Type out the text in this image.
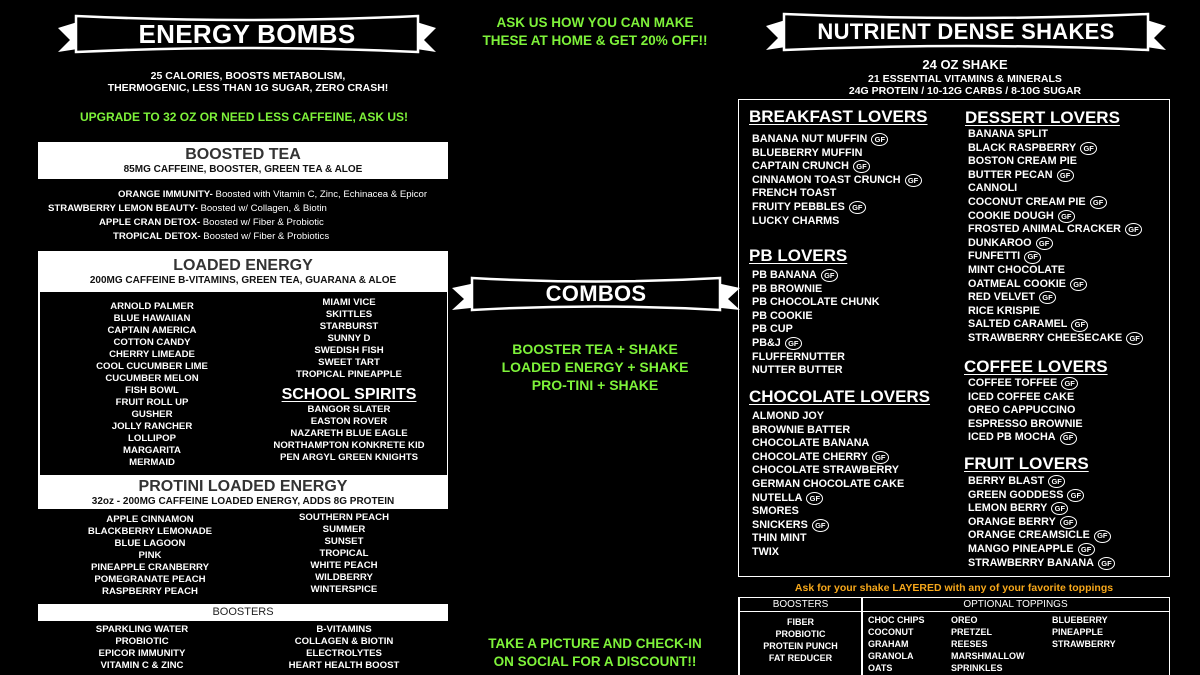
ENERGY BOMBS
25 CALORIES, BOOSTS METABOLISM,
THERMOGENIC, LESS THAN 1G SUGAR, ZERO CRASH!
UPGRADE TO 32 OZ OR NEED LESS CAFFEINE, ASK US!
BOOSTED TEA
85MG CAFFEINE, BOOSTER, GREEN TEA & ALOE
ORANGE IMMUNITY- Boosted with Vitamin C, Zinc, Echinacea & Epicor
STRAWBERRY LEMON BEAUTY- Boosted w/ Collagen, & Biotin
APPLE CRAN DETOX- Boosted w/ Fiber & Probiotic
TROPICAL DETOX- Boosted w/ Fiber & Probiotics
LOADED ENERGY
200MG CAFFEINE B-VITAMINS, GREEN TEA, GUARANA & ALOE
ARNOLD PALMER
BLUE HAWAIIAN
CAPTAIN AMERICA
COTTON CANDY
CHERRY LIMEADE
COOL CUCUMBER LIME
CUCUMBER MELON
FISH BOWL
FRUIT ROLL UP
GUSHER
JOLLY RANCHER
LOLLIPOP
MARGARITA
MERMAID
MIAMI VICE
SKITTLES
STARBURST
SUNNY D
SWEDISH FISH
SWEET TART
TROPICAL PINEAPPLE
SCHOOL SPIRITS
BANGOR SLATER
EASTON ROVER
NAZARETH BLUE EAGLE
NORTHAMPTON KONKRETE KID
PEN ARGYL GREEN KNIGHTS
PROTINI LOADED ENERGY
32oz - 200MG CAFFEINE LOADED ENERGY, ADDS 8G PROTEIN
APPLE CINNAMON
BLACKBERRY LEMONADE
BLUE LAGOON
PINK
PINEAPPLE CRANBERRY
POMEGRANATE PEACH
RASPBERRY PEACH
SOUTHERN PEACH
SUMMER
SUNSET
TROPICAL
WHITE PEACH
WILDBERRY
WINTERSPICE
BOOSTERS
SPARKLING WATER
PROBIOTIC
EPICOR IMMUNITY
VITAMIN C & ZINC
B-VITAMINS
COLLAGEN & BIOTIN
ELECTROLYTES
HEART HEALTH BOOST
ASK US HOW YOU CAN MAKE
THESE AT HOME & GET 20% OFF!!
COMBOS
BOOSTER TEA + SHAKE
LOADED ENERGY + SHAKE
PRO-TINI + SHAKE
TAKE A PICTURE AND CHECK-IN
ON SOCIAL FOR A DISCOUNT!!
NUTRIENT DENSE SHAKES
24 OZ SHAKE
21 ESSENTIAL VITAMINS & MINERALS
24G PROTEIN / 10-12G CARBS / 8-10G SUGAR
BREAKFAST LOVERS
BANANA NUT MUFFIN GF
BLUEBERRY MUFFIN
CAPTAIN CRUNCH GF
CINNAMON TOAST CRUNCH GF
FRENCH TOAST
FRUITY PEBBLES GF
LUCKY CHARMS
PB LOVERS
PB BANANA GF
PB BROWNIE
PB CHOCOLATE CHUNK
PB COOKIE
PB CUP
PB&J GF
FLUFFERNUTTER
NUTTER BUTTER
CHOCOLATE LOVERS
ALMOND JOY
BROWNIE BATTER
CHOCOLATE BANANA
CHOCOLATE CHERRY GF
CHOCOLATE STRAWBERRY
GERMAN CHOCOLATE CAKE
NUTELLA GF
SMORES
SNICKERS GF
THIN MINT
TWIX
DESSERT LOVERS
BANANA SPLIT
BLACK RASPBERRY GF
BOSTON CREAM PIE
BUTTER PECAN GF
CANNOLI
COCONUT CREAM PIE GF
COOKIE DOUGH GF
FROSTED ANIMAL CRACKER GF
DUNKAROO GF
FUNFETTI GF
MINT CHOCOLATE
OATMEAL COOKIE GF
RED VELVET GF
RICE KRISPIE
SALTED CARAMEL GF
STRAWBERRY CHEESECAKE GF
COFFEE LOVERS
COFFEE TOFFEE GF
ICED COFFEE CAKE
OREO CAPPUCCINO
ESPRESSO BROWNIE
ICED PB MOCHA GF
FRUIT LOVERS
BERRY BLAST GF
GREEN GODDESS GF
LEMON BERRY GF
ORANGE BERRY GF
ORANGE CREAMSICLE GF
MANGO PINEAPPLE GF
STRAWBERRY BANANA GF
Ask for your shake LAYERED with any of your favorite toppings
BOOSTERS	OPTIONAL TOPPINGS
FIBER
PROBIOTIC
PROTEIN PUNCH
FAT REDUCER
CHOC CHIPS
COCONUT
GRAHAM
GRANOLA
OATS
OREO
PRETZEL
REESES
MARSHMALLOW
SPRINKLES
BLUEBERRY
PINEAPPLE
STRAWBERRY
